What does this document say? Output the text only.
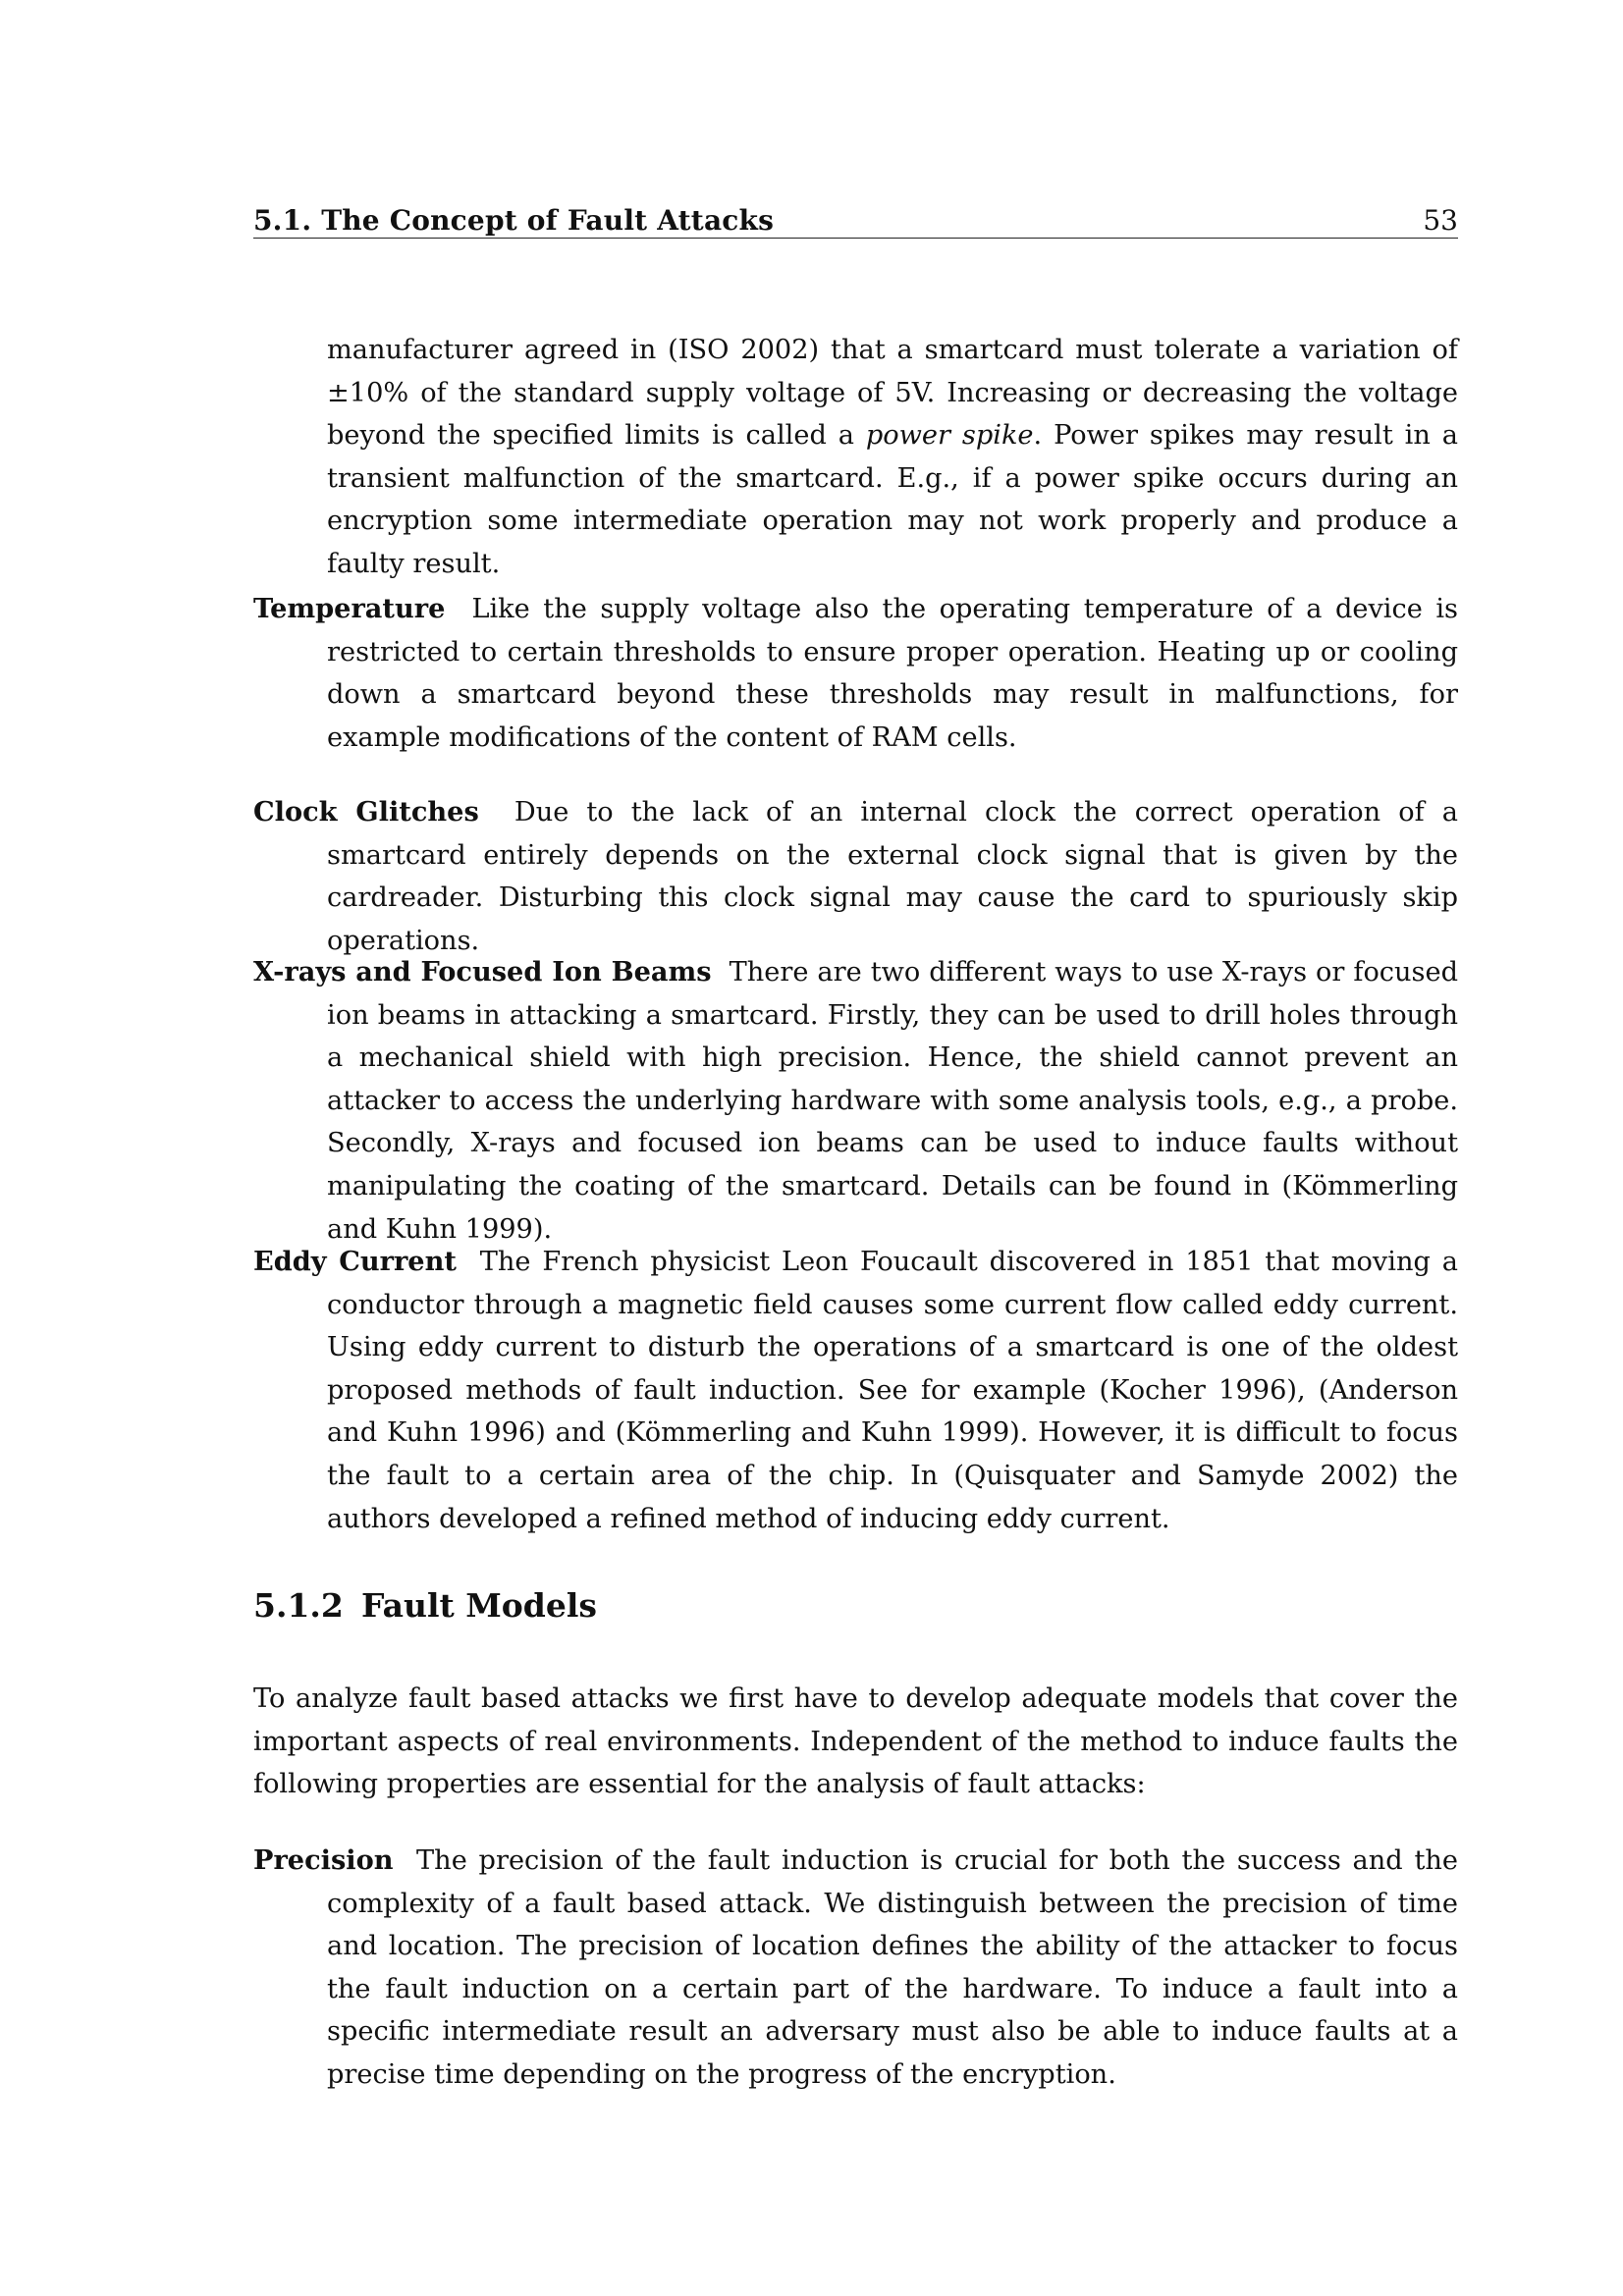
5.1. The Concept of Fault Attacks	53
manufacturer agreed in (ISO 2002) that a smartcard must tolerate a variation of ±10% of the standard supply voltage of 5V. Increasing or decreasing the voltage beyond the specified limits is called a power spike. Power spikes may result in a transient malfunction of the smartcard. E.g., if a power spike occurs during an encryption some intermediate operation may not work properly and produce a faulty result.
Temperature Like the supply voltage also the operating temperature of a device is restricted to certain thresholds to ensure proper operation. Heating up or cooling down a smartcard beyond these thresholds may result in malfunctions, for example modifications of the content of RAM cells.
Clock Glitches Due to the lack of an internal clock the correct operation of a smartcard entirely depends on the external clock signal that is given by the cardreader. Disturbing this clock signal may cause the card to spuriously skip operations.
X-rays and Focused Ion Beams There are two different ways to use X-rays or focused ion beams in attacking a smartcard. Firstly, they can be used to drill holes through a mechanical shield with high precision. Hence, the shield cannot prevent an attacker to access the underlying hardware with some analysis tools, e.g., a probe. Secondly, X-rays and focused ion beams can be used to induce faults without manipulating the coating of the smartcard. Details can be found in (Kömmerling and Kuhn 1999).
Eddy Current The French physicist Leon Foucault discovered in 1851 that moving a conductor through a magnetic field causes some current flow called eddy current. Using eddy current to disturb the operations of a smartcard is one of the oldest proposed methods of fault induction. See for example (Kocher 1996), (Anderson and Kuhn 1996) and (Kömmerling and Kuhn 1999). However, it is difficult to focus the fault to a certain area of the chip. In (Quisquater and Samyde 2002) the authors developed a refined method of inducing eddy current.
5.1.2 Fault Models
To analyze fault based attacks we first have to develop adequate models that cover the important aspects of real environments. Independent of the method to induce faults the following properties are essential for the analysis of fault attacks:
Precision The precision of the fault induction is crucial for both the success and the complexity of a fault based attack. We distinguish between the precision of time and location. The precision of location defines the ability of the attacker to focus the fault induction on a certain part of the hardware. To induce a fault into a specific intermediate result an adversary must also be able to induce faults at a precise time depending on the progress of the encryption.
